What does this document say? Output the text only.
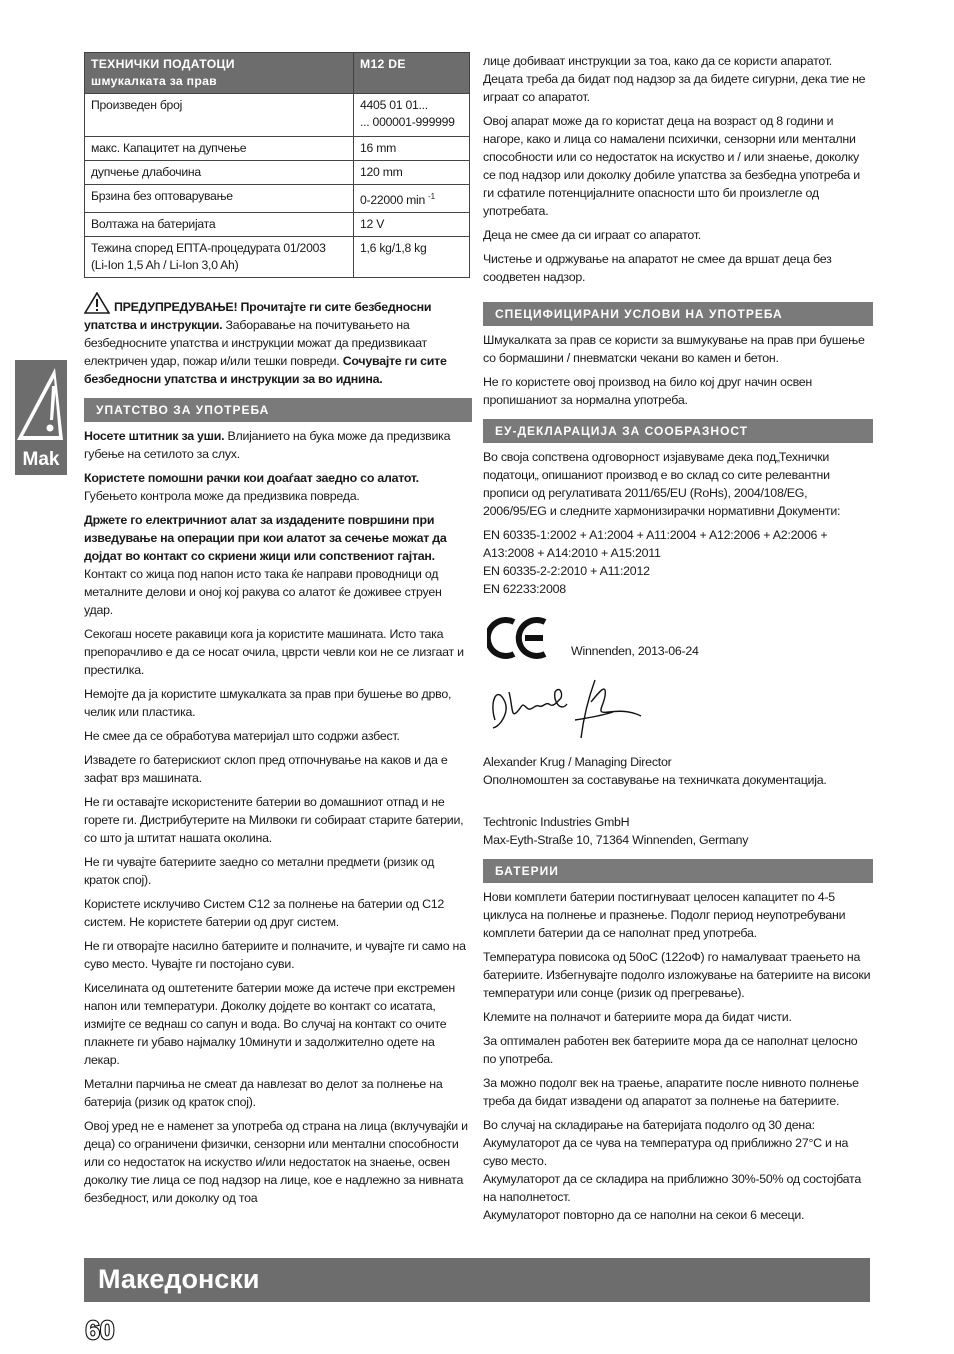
Mak
ТЕХНИЧКИ ПОДАТОЦИ
шмукалката за прав	M12 DE
Произведен број	4405 01 01...
... 000001-999999
макс. Капацитет на дупчење	16 mm
дупчење длабочина	120 mm
Брзина без оптоварување	0-22000 min $^{-1}$
Волтажа на батеријата	12 V
Тежина според ЕПТА-процедурата 01/2003
(Li-Ion 1,5 Ah / Li-Ion 3,0 Ah)	1,6 kg/1,8 kg

ПРЕДУПРЕДУВАЊЕ! Прочитајте ги сите безбедносни упатства и инструкции. Заборавање на почитувањето на безбедносните упатства и инструкции можат да предизвикаат електричен удар, пожар и/или тешки повреди. Сочувајте ги сите безбедносни упатства и инструкции за во иднина.

УПАТСТВО ЗА УПОТРЕБА

Носете штитник за уши. Влијанието на бука може да предизвика губење на сетилото за слух.

Користете помошни рачки кои доаѓаат заедно со алатот. Губењето контрола може да предизвика повреда.

Држете го електричниот алат за издадените површини при изведување на операции при кои алатот за сечење можат да дојдат во контакт со скриени жици или сопствениот гајтан. Контакт со жица под напон исто така ќе направи проводници од металните делови и оној кој ракува со алатот ќе доживее струен удар.

Секогаш носете ракавици кога ја користите машината. Исто така препорачливо е да се носат очила, цврсти чевли кои не се лизгаат и престилка.

Немојте да ја користите шмукалката за прав при бушење во дрво, челик или пластика.

Не смее да се обработува материјал што содржи азбест.

Извадете го батерискиот склоп пред отпочнување на каков и да е зафат врз машината.

Не ги оставајте искористените батерии во домашниот отпад и не горете ги. Дистрибутерите на Милвоки ги собираат старите батерии, со што ја штитат нашата околина.

Не ги чувајте батериите заедно со метални предмети (ризик од краток спој).

Користете исклучиво Систем С12 за полнење на батерии од С12 систем. Не користете батерии од друг систем.

Не ги отворајте насилно батериите и полначите, и чувајте ги само на суво место. Чувајте ги постојано суви.

Киселината од оштетените батерии може да истече при екстремен напон или температури. Доколку дојдете во контакт со исатата, измијте се веднаш со сапун и вода. Во случај на контакт со очите плакнете ги убаво најмалку 10минути и задолжително одете на лекар.

Метални парчиња не смеат да навлезат во делот за полнење на батерија (ризик од краток спој).

Овој уред не е наменет за употреба од страна на лица (вклучувајќи и деца) со ограничени физички, сензорни или ментални способности или со недостаток на искуство и/или недостаток на знаење, освен доколку тие лица се под надзор на лице, кое е надлежно за нивната безбедност, или доколку од тоа

лице добиваат инструкции за тоа, како да се користи апаратот. Децата треба да бидат под надзор за да бидете сигурни, дека тие не играат со апаратот.

Овој апарат може да го користат деца на возраст од 8 години и нагоре, како и лица со намалени психички, сензорни или ментални способности или со недостаток на искуство и / или знаење, доколку се под надзор или доколку добиле упатства за безбедна употреба и ги сфатиле потенцијалните опасности што би произлегле од употребата.

Деца не смее да си играат со апаратот.

Чистење и одржување на апаратот не смее да вршат деца без соодветен надзор.

СПЕЦИФИЦИРАНИ УСЛОВИ НА УПОТРЕБА

Шмукалката за прав се користи за вшмукување на прав при бушење со бормашини / пневматски чекани во камен и бетон.

Не го користете овој производ на било кој друг начин освен пропишаниот за нормална употреба.

ЕУ-ДЕКЛАРАЦИЈА ЗА СООБРАЗНОСТ

Во своја сопствена одговорност изјавуваме дека под„Технички податоци„ опишаниот производ е во склад со сите релевантни прописи од регулативата 2011/65/EU (RoHs), 2004/108/EG, 2006/95/EG и следните хармонизирачки нормативни Документи:

EN 60335-1:2002 + A1:2004 + A11:2004 + A12:2006 + A2:2006 + A13:2008 + A14:2010 + A15:2011
EN 60335-2-2:2010 + A11:2012
EN 62233:2008

Winnenden, 2013-06-24

Alexander Krug / Managing Director
Ополномоштен за составување на техничката документација.

Techtronic Industries GmbH
Max-Eyth-Straße 10, 71364 Winnenden, Germany

БАТЕРИИ

Нови комплети батерии постигнуваат целосен капацитет по 4-5 циклуса на полнење и празнење. Подолг период неупотребувани комплети батерии да се наполнат пред употреба.

Температура повисока од 50оС (122оФ) го намалуваат траењето на батериите. Избегнувајте подолго изложување на батериите на високи температури или сонце (ризик од прегревање).

Клемите на полначот и батериите мора да бидат чисти.

За оптимален работен век батериите мора да се наполнат целосно по употреба.

За можно подолг век на траење, апаратите после нивното полнење треба да бидат извадени од апаратот за полнење на батериите.

Во случај на складирање на батеријата подолго од 30 дена:
Акумулаторот да се чува на температура од приближно 27°C и на суво место.
Акумулаторот да се складира на приближно 30%-50% од состојбата на наполнетост.
Акумулаторот повторно да се наполни на секои 6 месеци.

Македонски
60
